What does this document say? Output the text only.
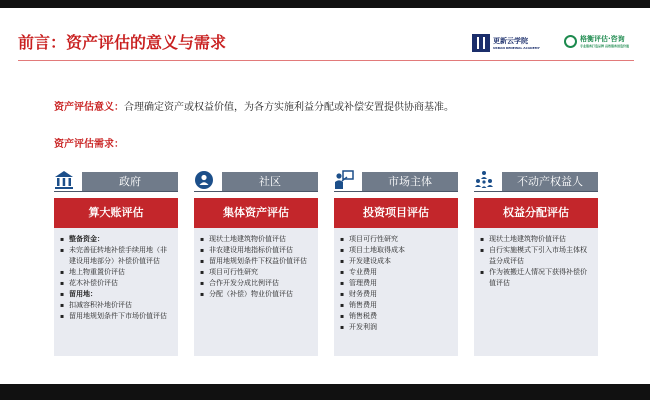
前言：资产评估的意义与需求	更新云学院
URBAN RENEWAL ACADEMY
格衡评估·咨询
专业服务打造品牌 高效服务创造价值
资产评估意义：合理确定资产或权益价值，为各方实施利益分配或补偿安置提供协商基准。
资产评估需求：
政府
算大账评估
▪ 整备资金：
▪ 未完善征转地补偿手续用地（非建设用地部分）补偿价值评估
▪ 地上物重置价评估
▪ 花木补偿价评估
▪ 留用地：
▪ 扣减容积补地价评估
▪ 留用地规划条件下市场价值评估
社区
集体资产评估
▪ 现状土地建筑物价值评估
▪ 非农建设用地指标价值评估
▪ 留用地规划条件下权益价值评估
▪ 项目可行性研究
▪ 合作开发分成比例评估
▪ 分配（补偿）物业价值评估
市场主体
投资项目评估
▪ 项目可行性研究
▪ 项目土地取得成本
▪ 开发建设成本
▪ 专业费用
▪ 管理费用
▪ 财务费用
▪ 销售费用
▪ 销售税费
▪ 开发利润
不动产权益人
权益分配评估
▪ 现状土地建筑物价值评估
▪ 自行实施模式下引入市场主体权益分成评估
▪ 作为被搬迁人情况下获得补偿价值评估
